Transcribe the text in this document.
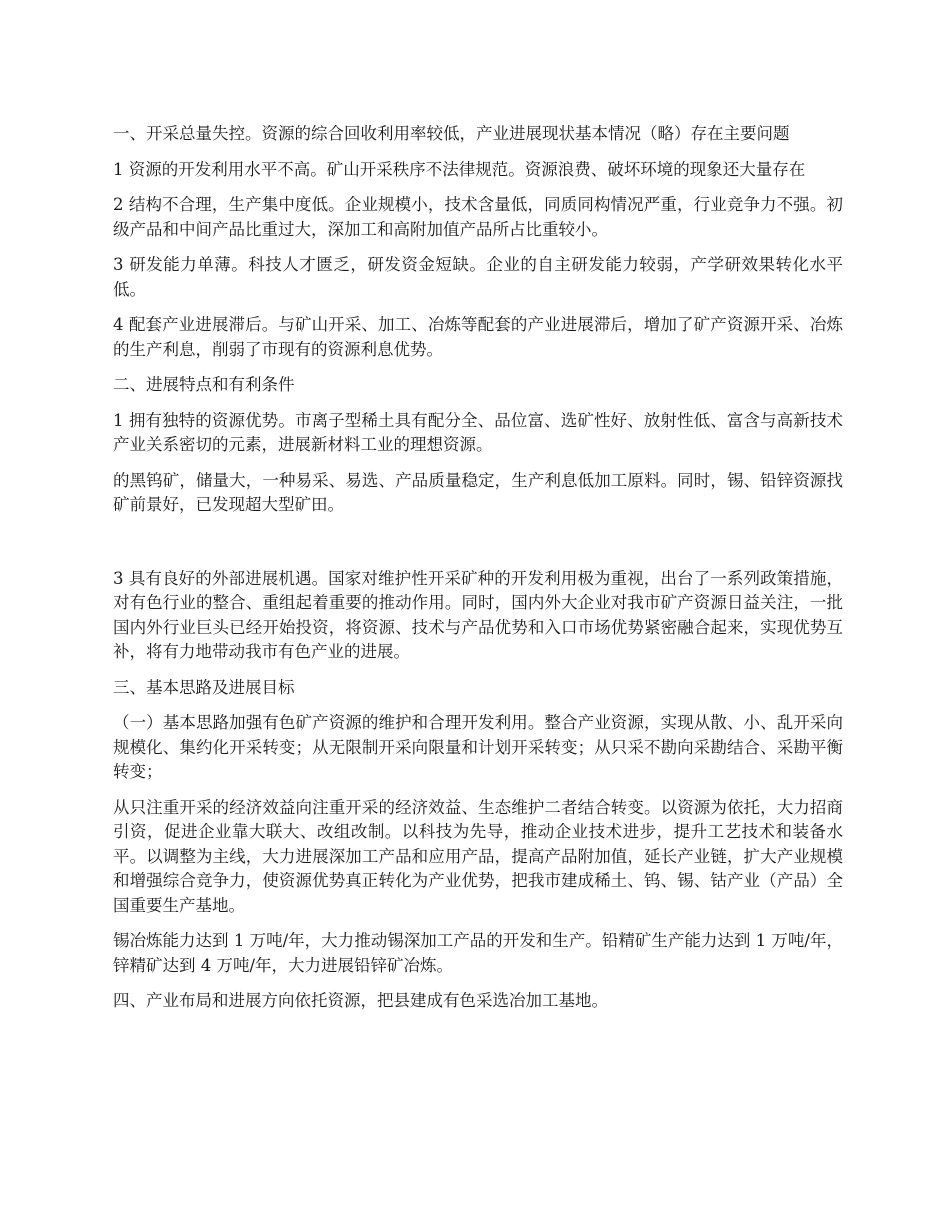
一、开采总量失控。资源的综合回收利用率较低，产业进展现状基本情况（略）存在主要问题

1 资源的开发利用水平不高。矿山开采秩序不法律规范。资源浪费、破坏环境的现象还大量存在

2 结构不合理，生产集中度低。企业规模小，技术含量低，同质同构情况严重，行业竞争力不强。初级产品和中间产品比重过大，深加工和高附加值产品所占比重较小。

3 研发能力单薄。科技人才匮乏，研发资金短缺。企业的自主研发能力较弱，产学研效果转化水平低。

4 配套产业进展滞后。与矿山开采、加工、冶炼等配套的产业进展滞后，增加了矿产资源开采、冶炼的生产利息，削弱了市现有的资源利息优势。

二、进展特点和有利条件

1 拥有独特的资源优势。市离子型稀土具有配分全、品位富、选矿性好、放射性低、富含与高新技术产业关系密切的元素，进展新材料工业的理想资源。

的黑钨矿，储量大，一种易采、易选、产品质量稳定，生产利息低加工原料。同时，锡、铅锌资源找矿前景好，已发现超大型矿田。

3 具有良好的外部进展机遇。国家对维护性开采矿种的开发利用极为重视，出台了一系列政策措施，对有色行业的整合、重组起着重要的推动作用。同时，国内外大企业对我市矿产资源日益关注，一批国内外行业巨头已经开始投资，将资源、技术与产品优势和入口市场优势紧密融合起来，实现优势互补，将有力地带动我市有色产业的进展。

三、基本思路及进展目标

（一）基本思路加强有色矿产资源的维护和合理开发利用。整合产业资源，实现从散、小、乱开采向规模化、集约化开采转变；从无限制开采向限量和计划开采转变；从只采不勘向采勘结合、采勘平衡转变；

从只注重开采的经济效益向注重开采的经济效益、生态维护二者结合转变。以资源为依托，大力招商引资，促进企业靠大联大、改组改制。以科技为先导，推动企业技术进步，提升工艺技术和装备水平。以调整为主线，大力进展深加工产品和应用产品，提高产品附加值，延长产业链，扩大产业规模和增强综合竞争力，使资源优势真正转化为产业优势，把我市建成稀土、钨、锡、钴产业（产品）全国重要生产基地。

锡冶炼能力达到 1 万吨/年，大力推动锡深加工产品的开发和生产。铅精矿生产能力达到 1 万吨/年，锌精矿达到 4 万吨/年，大力进展铅锌矿冶炼。

四、产业布局和进展方向依托资源，把县建成有色采选冶加工基地。
